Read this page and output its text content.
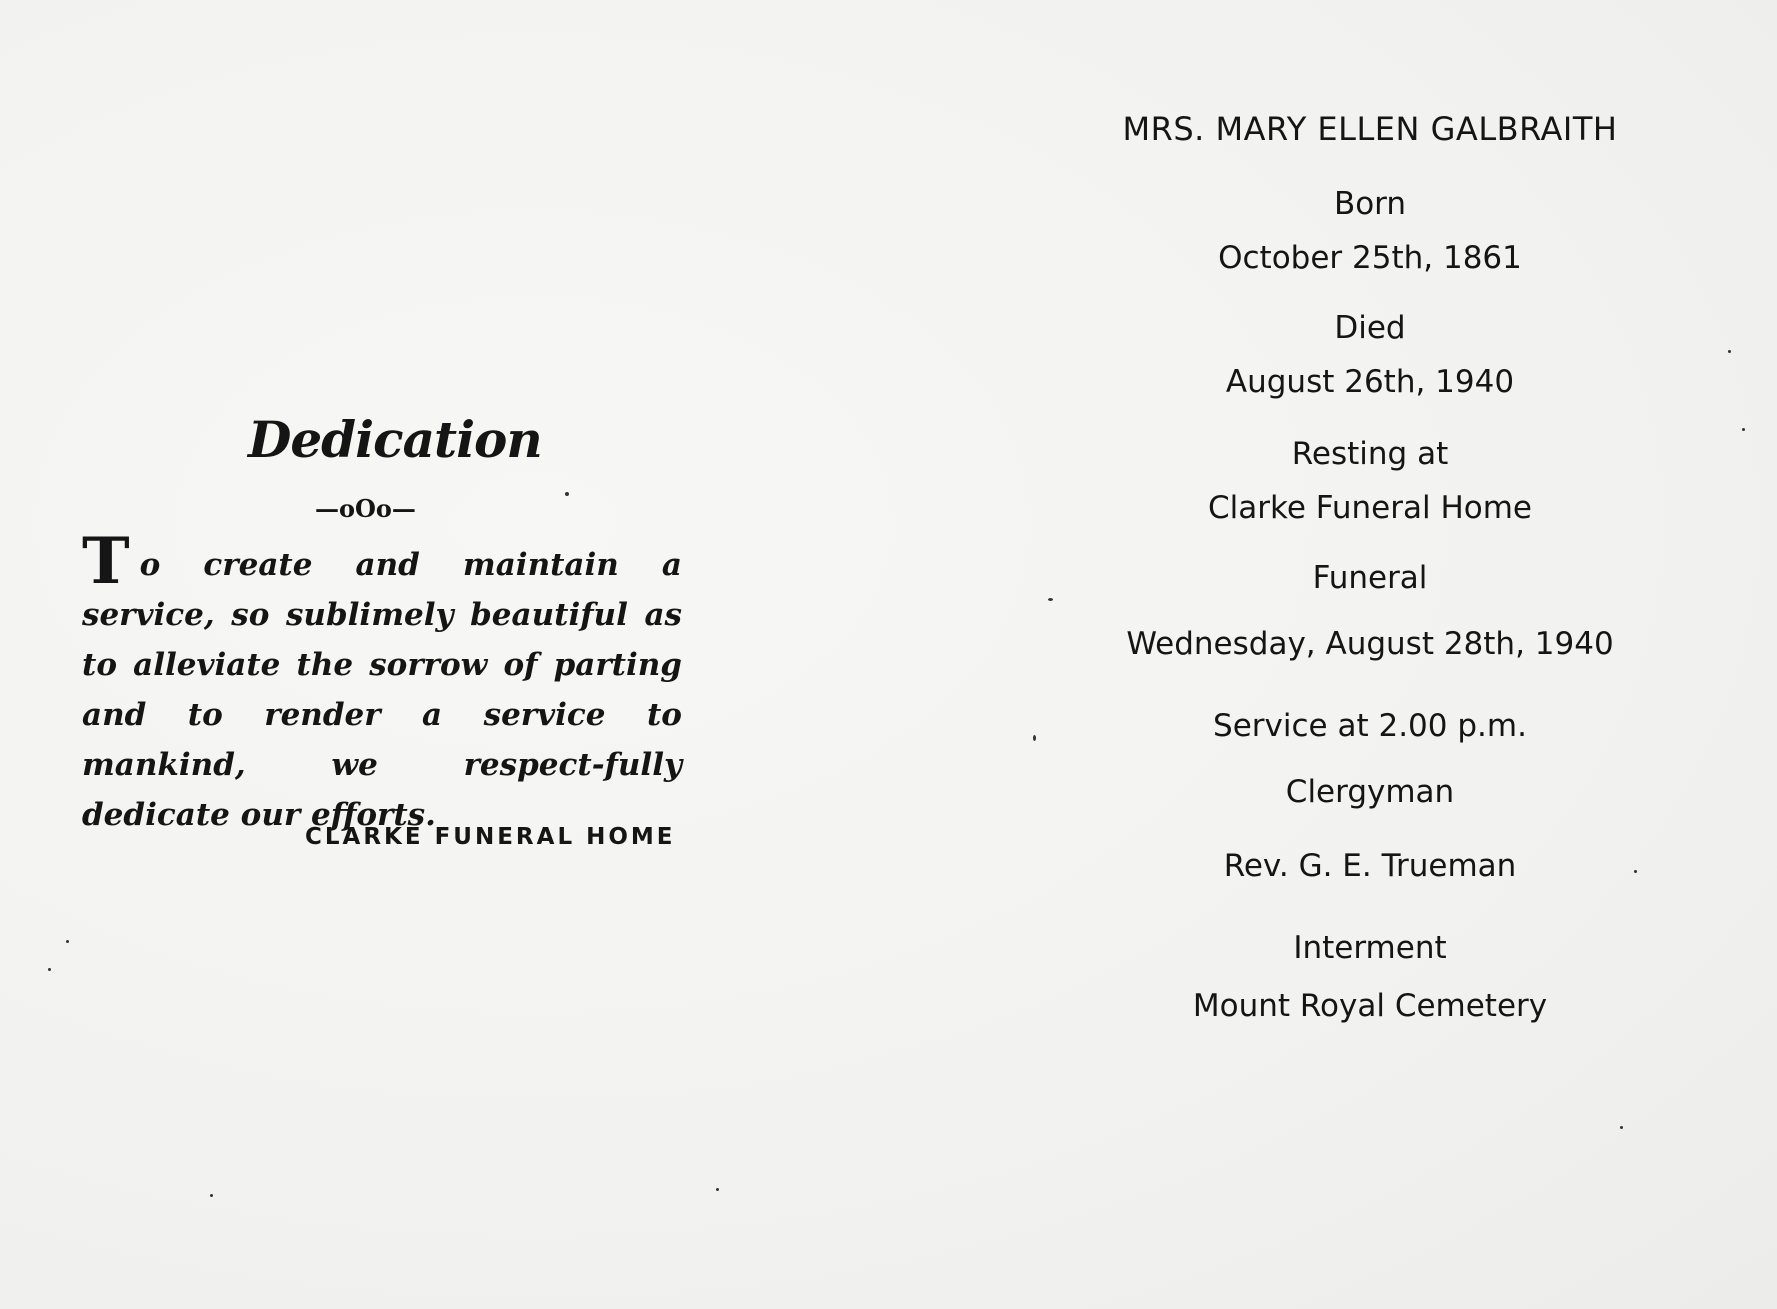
Dedication
—oOo—

To create and maintain a service, so sublimely beautiful as to alleviate the sorrow of parting and to render a service to mankind, we respect-fully dedicate our efforts.

CLARKE FUNERAL HOME
MRS. MARY ELLEN GALBRAITH
Born
October 25th, 1861
Died
August 26th, 1940
Resting at
Clarke Funeral Home
Funeral
Wednesday, August 28th, 1940
Service at 2.00 p.m.
Clergyman
Rev. G. E. Trueman
Interment
Mount Royal Cemetery
